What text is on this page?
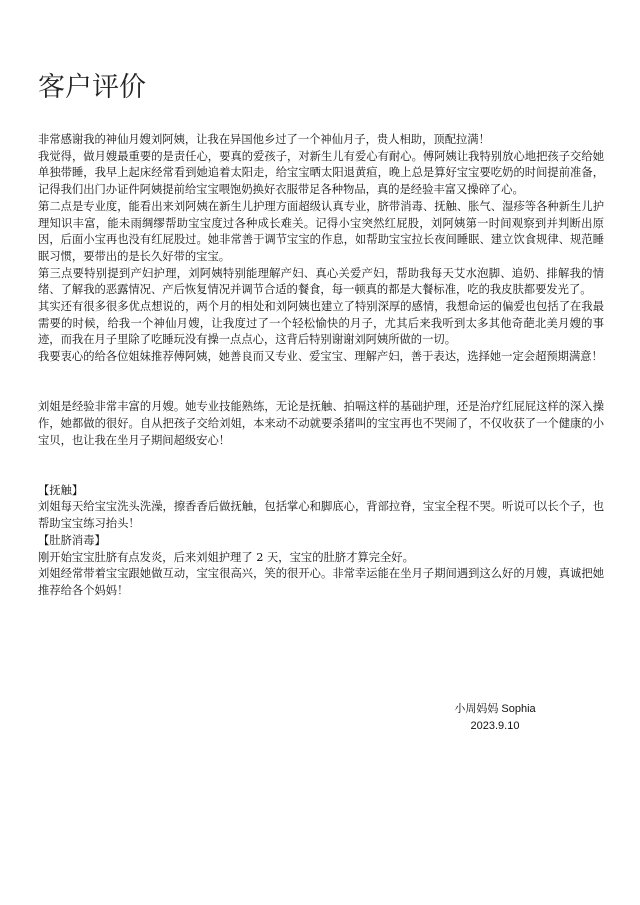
客户评价

非常感谢我的神仙月嫂刘阿姨，让我在异国他乡过了一个神仙月子，贵人相助，顶配拉满！

我觉得，做月嫂最重要的是责任心，要真的爱孩子，对新生儿有爱心有耐心。傅阿姨让我特别放心地把孩子交给她单独带睡，我早上起床经常看到她追着太阳走，给宝宝晒太阳退黄疸，晚上总是算好宝宝要吃奶的时间提前准备，记得我们出门办证件阿姨提前给宝宝喂饱奶换好衣服带足各种物品，真的是经验丰富又操碎了心。

第二点是专业度，能看出来刘阿姨在新生儿护理方面超级认真专业，脐带消毒、抚触、胀气、湿疹等各种新生儿护理知识丰富，能未雨绸缪帮助宝宝度过各种成长难关。记得小宝突然红屁股，刘阿姨第一时间观察到并判断出原因，后面小宝再也没有红屁股过。她非常善于调节宝宝的作息，如帮助宝宝拉长夜间睡眠、建立饮食规律、规范睡眠习惯，要带出的是长久好带的宝宝。

第三点要特别提到产妇护理，刘阿姨特别能理解产妇、真心关爱产妇，帮助我每天艾水泡脚、追奶、排解我的情绪、了解我的恶露情况、产后恢复情况并调节合适的餐食，每一顿真的都是大餐标准，吃的我皮肤都要发光了。

其实还有很多很多优点想说的，两个月的相处和刘阿姨也建立了特别深厚的感情，我想命运的偏爱也包括了在我最需要的时候，给我一个神仙月嫂，让我度过了一个轻松愉快的月子，尤其后来我听到太多其他奇葩北美月嫂的事迹，而我在月子里除了吃睡玩没有操一点点心，这背后特别谢谢刘阿姨所做的一切。

我要衷心的给各位姐妹推荐傅阿姨，她善良而又专业、爱宝宝、理解产妇，善于表达，选择她一定会超预期满意！

刘姐是经验非常丰富的月嫂。她专业技能熟练，无论是抚触、拍嗝这样的基础护理，还是治疗红屁屁这样的深入操作，她都做的很好。自从把孩子交给刘姐，本来动不动就要杀猪叫的宝宝再也不哭闹了，不仅收获了一个健康的小宝贝，也让我在坐月子期间超级安心！

【抚触】

刘姐每天给宝宝洗头洗澡，擦香香后做抚触，包括掌心和脚底心，背部拉脊，宝宝全程不哭。听说可以长个子，也帮助宝宝练习抬头！

【肚脐消毒】

刚开始宝宝肚脐有点发炎，后来刘姐护理了 2 天，宝宝的肚脐才算完全好。

刘姐经常带着宝宝跟她做互动，宝宝很高兴，笑的很开心。非常幸运能在坐月子期间遇到这么好的月嫂，真诚把她推荐给各个妈妈！

小周妈妈 Sophia
2023.9.10
